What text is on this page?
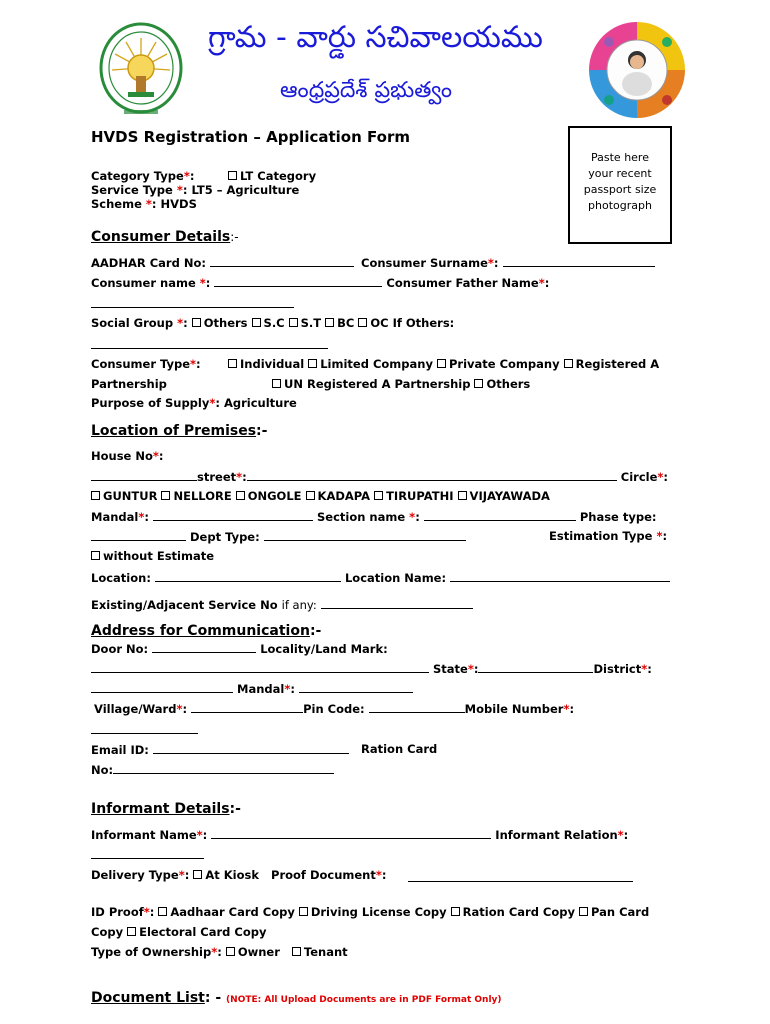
గ్రామ - వార్డు సచివాలయము
ఆంధ్రప్రదేశ్ ప్రభుత్వం
HVDS Registration – Application Form
Paste here
your recent
passport size
photograph
Category Type*:	LT Category
Service Type *: LT5 – Agriculture
Scheme *: HVDS
Consumer Details:-
AADHAR Card No:	Consumer Surname*:
Consumer name *:	Consumer Father Name*:
Social Group *: Others S.C S.T BC OC If Others:
Consumer Type*:	Individual Limited Company Private Company Registered A
Partnership	UN Registered A Partnership Others
Purpose of Supply*: Agriculture
Location of Premises:-
House No*:
street*:	Circle*:
GUNTUR NELLORE ONGOLE KADAPA TIRUPATHI VIJAYAWADA
Mandal*:	Section name *:	Phase type:
Dept Type:	Estimation Type *:
without Estimate
Location:	Location Name:
Existing/Adjacent Service No if any:
Address for Communication:-
Door No:	Locality/Land Mark:
State*:	District*:
Mandal*:
Village/Ward*:	Pin Code:	Mobile Number*:
Email ID:	Ration Card
No:
Informant Details:-
Informant Name*:	Informant Relation*:
Delivery Type*: At Kiosk Proof Document*:
ID Proof*: Aadhaar Card Copy Driving License Copy Ration Card Copy Pan Card
Copy Electoral Card Copy
Type of Ownership*: Owner Tenant
Document List: - (NOTE: All Upload Documents are in PDF Format Only)
